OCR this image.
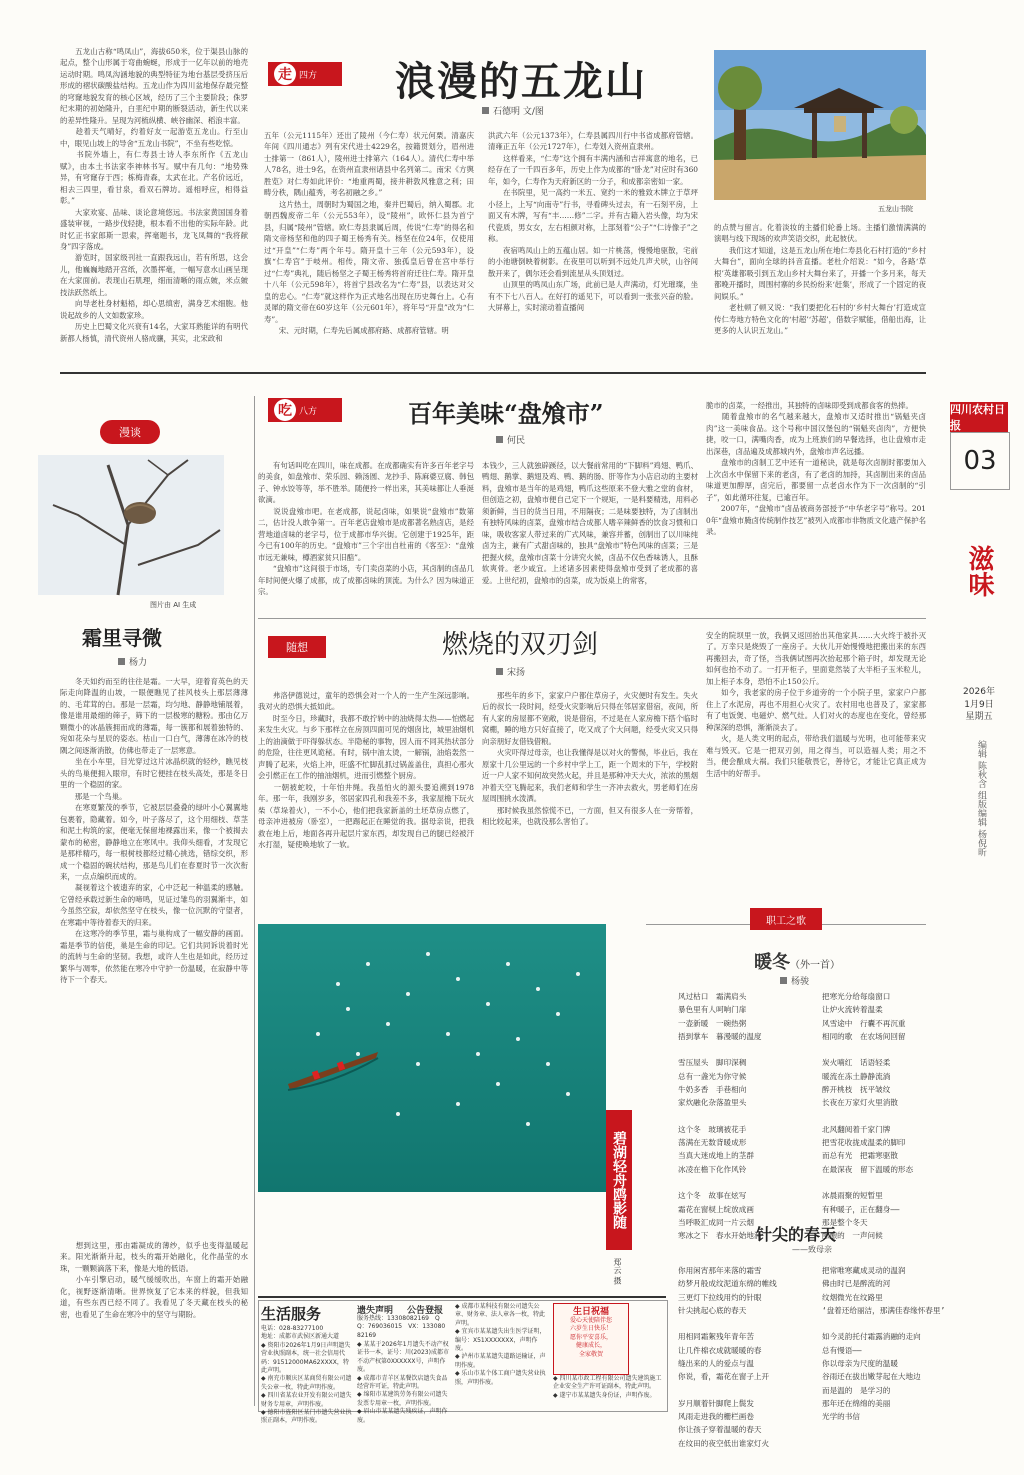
走 四方 浪漫的五龙山
石德明 文/图
五龙山书院
　　五龙山古称“鸣凤山”，海拔650米，位于渠县山脉的起点，整个山形属于弯曲蜿蜒，形成于一亿年以前的地壳运动时期。鸣凤沟涵地貌的典型特征为地台基层受挤压后形成的褶状碳酸盐结构。五龙山作为四川盆地保存最完整的穹窿地貌发育的核心区域，经历了三个主要阶段；侏罗纪末期的初始隆升，白垩纪中期的断裂活动，新生代以来的差异性隆升。呈现为河梳纵横、峡谷幽深、稻浪丰富。
　　趁着天气晴好，约着好友一起游览五龙山。行至山中，眼见山坡上的导舍“五龙山书院”，不坐有些吃惊。
　　书院外墙上，有仁寿县士诗人李东所作《五龙山赋》，由本土书法家李神林书写。赋中有几句：“地势殊异，有穹窿存于西；栋梅青森，太武在北。产名价远近，相去三四里，看甘泉，看双石牌坊。遥相呼应，相得益彰。”
　　大家欢宴、品味、谈论意境悠远。书法家黄国国身着盛装审视，一路步伐轻捷，根本看不出他的实际年龄。此时忆正书家郎斯一思索，挥毫题书，龙飞凤舞的“我将献身”四字落成。
　　游览时，国家级刊社一直跟我远山，若有所思，这会儿，他巍巍地踏开宫纸，次墨挥毫，一幅写意水山画呈现在大家面前。表现山石肌理，细而清晰的雨点皴，米点皴技法跃然纸上。
　　向导老杜身材魁梧，却心思缜密，满身艺术细胞。他说起故乡的人文如数家珍。
　　历史上巴蜀文化兴衰有14名，大家耳熟能详的有明代新都人杨慎，清代资州人骆成骧，其实，北宋政和
五年（公元1115年）还出了陵州（今仁寿）状元何栗。清嘉庆年间《四川通志》列有宋代进士4229名，按籍贯划分，眉州进士排第一（861人），陵州进士排第六（164人）。清代仁寿中举人78名，进士9名，在资州直隶州诸县中名列第二。南宋《方舆胜览》对仁寿如此评价：“地重两蜀，接井耕敦风雅意之利；田畴分秩，隅山蕴秀，考名初融之乡。”
　　这片热土，周朝时为蜀国之地，秦并巴蜀后，纳入蜀郡。北朝西魏废帝二年（公元553年），设“陵州”，欧怀仁县为首宁县，归属“陵州”管辖。欧仁寿县隶属后周，传说“仁寿”的得名和隋文帝杨坚和他的四子蜀王杨秀有关。杨坚在位24年，仅使用过“开皇”“仁寿”两个年号。隋开皇十三年（公元593年），设旗“仁寿宫”于岐州。相传，隋文帝、独孤皇后曾在宫中举行过“仁寿”典礼，随后杨坚之子蜀王杨秀将首府迁往仁寿。隋开皇十八年（公元598年），将首宁县改名为“仁寿”县，以表达对父皇的忠心。“仁寿”就这样作为正式地名出现在历史舞台上。心有灵犀的隋文帝在60岁这年（公元601年），将年号“开皇”改为“仁寿”。
　　宋、元时期，仁寿先后属成都府路、成都府管辖。明
洪武六年（公元1373年），仁寿县属四川行中书省成都府管辖。清雍正五年（公元1727年），仁寿划入资州直隶州。
　　这样看来，“仁寿”这个拥有丰满内涵和吉祥寓意的地名，已经存在了一千四百多年，历史上作为成都的“卧龙”对应时有360年，如今，仁寿作为天府新区的一分子，和成都亲密如一家。
　　在书院里，见一高约一米五、宽约一米的雅致木牌立于草坪小径上，上写“向南寺”行书，寻看碑头过去，有一石刻平房，上面又有木牌，写有“丰……修”二字。并有古籍入岩头像，均为宋代瓷质，男女女，左右相颜对称，上部刻着“公子”“仁诗像子”之称。
　　夜宿鸣凤山上的五蕴山居。如一片桃荡，慢慢地驱散，宅前的小池塘倒映着树影。在夜里可以听到不远处几声犬吠，山谷间散开来了，偶尔还会看到流星从头顶划过。
　　山顶里的鸣凤山东广场，此前已是人声满动，灯光璀璨，坐有不下七八百人。在好打的遥见下，可以看到一张张兴奋的脸。大屏幕上，实时滚动着直播间
的点赞与留言。化着淡妆的主播们轮番上场。主播们激情满满的演唱与线下现场的欢声笑语交织，此起彼伏。
　　我们这才知道，这是五龙山所在地仁寿县化石村打造的“乡村大舞台”，面向全球的抖音直播。老杜介绍说：“如今，各路‘草根’英雄都吸引到五龙山乡村大舞台来了，开播一个多月来，每天都晚开播时，周围村寨的乡民纷纷来‘赶集’，形成了一个固定的夜间娱乐。”
　　老杜顿了顿又说：“我们要把化石村的‘乡村大舞台’打造成宣传仁寿地方特色文化的‘村超’‘苏超’，借数字赋能，借船出海，让更多的人认识五龙山。”
四川农村日报
03
滋味
2026年
1月9日
星期五
编辑 陈秋含 组版编辑 杨倪昕
吃 八方	百年美味“盘飧市”
何民
　　有句话叫吃在四川，味在成都。在成都确实有许多百年老字号的美食，如盘飧市、荣乐园、赖汤圆、龙抄手、陈麻婆豆腐、韩包子、钟水饺等等，举不胜举。随便拎一样出来，其美味都让人垂涎欲滴。
　　说说盘飧市吧。在老成都，说起卤味，如果说“盘飧市”数第二，估计没人敢争第一。百年老店盘飧市是成都著名熟卤店，是经营地道卤味的老字号，位于成都市华兴街。它创建于1925年，距今已有100年的历史。“盘飧市”三个字出自杜甫的《客至》：“盘飧市远无兼味，樽酒家贫只旧醅”。
　　“盘飧市”这间很于市场，专门卖卤菜的小店，其卤制的卤品几年时间便火爆了成都，成了成都卤味的顶流。为什么？因为味道正宗。
本钱少，三人就独辟蹊径，以大餐前常用的“下脚料”鸡翅、鸭爪、鸭翅、鹅掌、鹅翅及鸡、鸭、鹅的肠、肝等作为小店启动的主要材料，盘飧市是当年的是鸡翅，鸭爪这些原来不登大雅之堂的食材，但创造之初，盘飧市便自己定下一个规矩，一是料要精选，用料必须新鲜，当日的货当日用，不用隔夜；二是味要独特，为了卤制出有独特风味的卤菜，盘飧市结合成都人嗜辛辣鲜香的饮食习惯和口味，吸收客家人带过来的广式风味，兼容并蓄，创制出了以川味纯卤为主，兼有广式甜卤味的，独具“盘飧市”特色风味的卤菜；三是把握火候，盘飧市卤菜十分讲究火候，卤品不仅色香味诱人，且酥软爽骨。老少咸宜。上述诸多因素使得盘飧市受到了老成都的喜爱。上世纪初，盘飧市的卤菜，成为饭桌上的常客，
脆市的卤菜，一经推出，其独特的卤味即受到成都食客的热捧。
　　随着盘飧市的名气越来越大，盘飧市又适时推出“锅魁夹卤肉”这一美味食品。这个号称中国汉堡包的“锅魁夹卤肉”，方便快捷，咬一口，满嘴肉香，成为上班族们的早餐选择，也让盘飧市走出深巷，卤品遍及成都城内外，盘飧市声名远播。
　　盘飧市的卤制工艺中还有一道秘诀，就是每次卤制时都要加入上次卤水中保留下来的老卤，有了老卤的加持，其卤制出来的卤品味道更加醇厚，卤完后，都要留一点老卤水作为下一次卤制的“引子”，如此循环往复，已逾百年。
　　2007年，“盘飧市”卤品被商务部授予“中华老字号”称号。2010年“盘飧市腌卤传统制作技艺”被列入成都市非物质文化遗产保护名录。
漫谈
图片由 AI 生成
霜里寻微
杨力
　　冬天如约而至的往往是霜。一大早，迎着育英色的天际走向降温的山坡，一眼便瞧见了挂风枝头上那层薄薄的、毛茸茸的白。那是一层霜，均匀地、静静地铺展着，像是谁用最细的筛子，筛下的一层极寒的糖粉。那由亿万颗微小的冰晶簇拥而成的薄霜，每一簇都和展着独特的、宛如花朵与星辰的姿态。枯山一口白气，薄薄在冰冷的枝隅之间逐渐消散，仿佛也带走了一层寒意。
　　坐在小车里，目光穿过这片冰晶织就的轻纱，瞧见枝头的鸟巢便拥入眼帘，有时它便挂在枝头高处，那是冬日里的一个稳固的家。
　　那是一个鸟巢。
　　在寒夏繁茂的季节，它被层层叠叠的绿叶小心翼翼地包裹着，隐藏着。如今，叶子落尽了，这个用细枝、草茎和泥土构筑的家，便毫无保留地裸露出来，像一个被揭去蒙布的秘密，静静地立在寒风中。我仰头细看，才发现它是那样精巧，每一根树枝都经过精心挑选，错综交织，形成一个稳固的碗状结构，那是鸟儿们在春夏时节一次次衔来，一点点编织而成的。
　　凝视着这个被遗弃的家，心中泛起一种温柔的感触。它曾经承载过新生命的啼鸣，见证过雏鸟的羽翼渐丰，如今虽然空寂，却依然坚守在枝头，像一位沉默的守望者，在寒霜中等待着春天的归来。
　　在这寒冷的季节里，霜与巢构成了一幅安静的画面。霜是季节的信使，巢是生命的印记。它们共同诉说着时光的流转与生命的坚韧。我想，或许人生也是如此，经历过繁华与凋零，依然能在寒冷中守护一份温暖，在寂静中等待下一个春天。
　　想到这里，那由霜凝成的薄纱，似乎也变得温暖起来。阳光渐渐升起，枝头的霜开始融化，化作晶莹的水珠，一颗颗滴落下来，像是大地的低语。
　　小车引擎启动，暖气缓缓吹出，车窗上的霜开始融化，视野逐渐清晰。世界恢复了它本来的样貌，但我知道，有些东西已经不同了。我看见了冬天藏在枝头的秘密，也看见了生命在寒冷中的坚守与期盼。
随想	燃烧的双刃剑
宋扬
　　弗洛伊德说过，童年的恐惧会对一个人的一生产生深远影响。我对火的恐惧大抵如此。
　　时至今日，珍藏时，我都不敢拧转中的油烧得太热——怕燃起来发生火灾。与乡下那样立在房顶四面可见的烟囱比，城里油烟机上的油滴做于吓得躲状态。半隐秘的事物，因人而不同其热状部分的危险，往往更风诡秘。有时，锅中油太烫，一解锅，油焰轰然一声腾了起来，火焰上冲，旺盛不忙脚乱抓过锅盖盖住，真担心那火会引燃正在工作的抽油烟机，进而引燃整个厨房。
　　一朝被蛇咬，十年怕井绳。我虽怕火的源头要追溯到1978年。那一年，我刚岁多，邻居家四孔和我差不多，我家屋檐下玩火柴（草垛着火），一不小心，他们把我家新盖的土坯草房点燃了，母亲冲进被房（卧室），一把踢起正在睡觉的我。据母亲说，把我救在地上后，地面各再升起层片家东西，却发现自己的腿已经被汗水打湿，疑使唤地软了一软。
　　那些年的乡下，家家户户都住草房子，火灾便时有发生。失火后的叔长一段时间，经受火灾影响后只得在邻居家借宿，夜间，所有人家的房屋都不宽敞，说是借宿，不过是在人家房檐下搭个临时窝棚，睡的地方只好直接了，吃又成了个大问题，经受火灾又只得向亲朋好友借钱借粮。
　　火灾吓得过母亲，也让我懂得是以对火的警惕，毕业后，我在原家十几公里远的一个乡村中学上工，距一个周末的下午，学校附近一户人家不知何故突然火起，并且是那种冲天大火，浓浓的黑烟冲着天空飞腾起来，我们老师和学生一齐冲去救火，男老师们在房屋周围挑水泼洒。
　　那时候我虽然惊慌不已，一方面，但又有很多人在一旁帮着，相比较起来，也就没那么害怕了。
安全的院坝里一放，我俩又返回抬出其他家具……大火终于被扑灭了。万幸只是烧毁了一座房子。大伙儿开始慢慢地把搬出来的东西再搬回去，奇了怪，当我俩试图再次抬起那个箱子时，却发现无论如何也抬不动了。一打开柜子，里面竟然装了大半柜子玉米粒儿，加上柜子本身，恐怕不止150公斤。
　　如今，我老家的房子位于乡道旁的一个小院子里，家家户户都住上了水泥房，再也不用担心火灾了。农村用电也普及了，家家都有了电饭煲、电磁炉、燃气灶。人们对火的态度也在变化，曾经那种深深的恐惧，渐渐淡去了。
　　火，是人类文明的起点，带给我们温暖与光明，也可能带来灾难与毁灭。它是一把双刃剑，用之得当，可以造福人类；用之不当，便会酿成大祸。我们只能敬畏它，善待它，才能让它真正成为生活中的好帮手。
碧湖轻舟鸥影随
郑云 摄
职工之歌
暖冬（外一首）
杨骏
风过枯口　霜满肩头
暴色里有人呵响门扉
一壶新暖　一碗热粥
捂到掌车　暮漫暖的温度

雪压屋头　脚印深稠
总有一盏光为你守候
牛奶多香　手巷相向
家炊融化杂落盈里头

这个冬　玻璃被花手
荡满在无数背暖成形
当真大迷成地上的茎群
冰凌在檐下化作风铃

这个冬　故事在炫写
霜花在窗棂上绽放成画
当呼吸汇成同一片云烟
寒冰之下　春水开始地涌
把寒光分给每扇窗口
让炉火流转着温柔
风雪途中　行囊不再沉重
相同的歌　在农场间回留

炭火喃红　话语轻柔
暖流在冻土静静流淌
醉开桃枝　抚平皱纹
长夜在万家灯火里消散

北风翻阅着千家门牌
把雪花收拢成温柔的脚印
而总有光　把霜寒驱散
在最深夜　留下温暖的形态

冰晨雨聚的短暂里
有种暖子，正在翻身――
那是整个冬天
酝酿的　一声问候
针尖的春天
——致母亲
你用闲宵那年来落的霜雪
纺梦月般成纹泥道东绵的帷线
三更灯下拉线用灼的针眼
针尖挑起心底的春天

用相同霜絮残年青年苦
让几件棉衣成就暖暖的春
缝出来的人的爱点与温
你说，看，霜花在窗子上开

岁月顺着针脚爬上鬓发
风雨走进我的栅栏画卷
你让孩子穿着温暖的春天
在纹田的夜空低出谁家灯火
把常唯寒藏成灵动的温润
佛由时已是醉流的河
纹烟微光在纹路里
‘盘着还给丽洁，那满佳春缘怀春里’

如今灵韵托付霜露消融的走向
总有慢语――
你以母亲为尺度的温暖
谷雨还在拔出嫩芽起在大地边
而是温的　是学习的
那年还在绵绵的美丽
光学的书信
生活服务	遗失声明 公告登报
服务热线：13308082169　QQ：769036015　VX：13308082169
电话：028-83277100
地址：成都市武侯区新通大道
◆ 资阳市2026年1月9日声明遗失营业执照副本，统一社会信用代码：91512000MA62XXXX，特此声明。
◆ 南充市顺庆区某商贸有限公司遗失公章一枚，特此声明作废。
◆ 四川省某农业开发有限公司遗失财务专用章，声明作废。
◆ 德阳市旌阳区某门市遗失营业执照正副本，声明作废。
◆ 某某于2026年1月遗失不动产权证书一本，证号：川(2023)成都市不动产权第0XXXXXX号，声明作废。
◆ 成都市青羊区某餐饮店遗失食品经营许可证，特此声明。
◆ 绵阳市某建筑劳务有限公司遗失发票专用章一枚，声明作废。
◆ 眉山市某某遗失残疾证，声明作废。
◆ 成都市某科技有限公司遗失公章、财务章、法人章各一枚，特此声明。
◆ 宜宾市某某遗失出生医学证明，编号：X51XXXXXXX，声明作废。
◆ 泸州市某某遗失道路运输证，声明作废。
◆ 乐山市某个体工商户遗失营业执照，声明作废。
生日祝福
爱心天使陪伴您
六岁生日快乐！
愿你平安喜乐，
健康成长，
全家敬贺
◆ 四川某市政工程有限公司遗失建筑施工企业安全生产许可证副本，特此声明。
◆ 遂宁市某某遗失身份证，声明作废。
